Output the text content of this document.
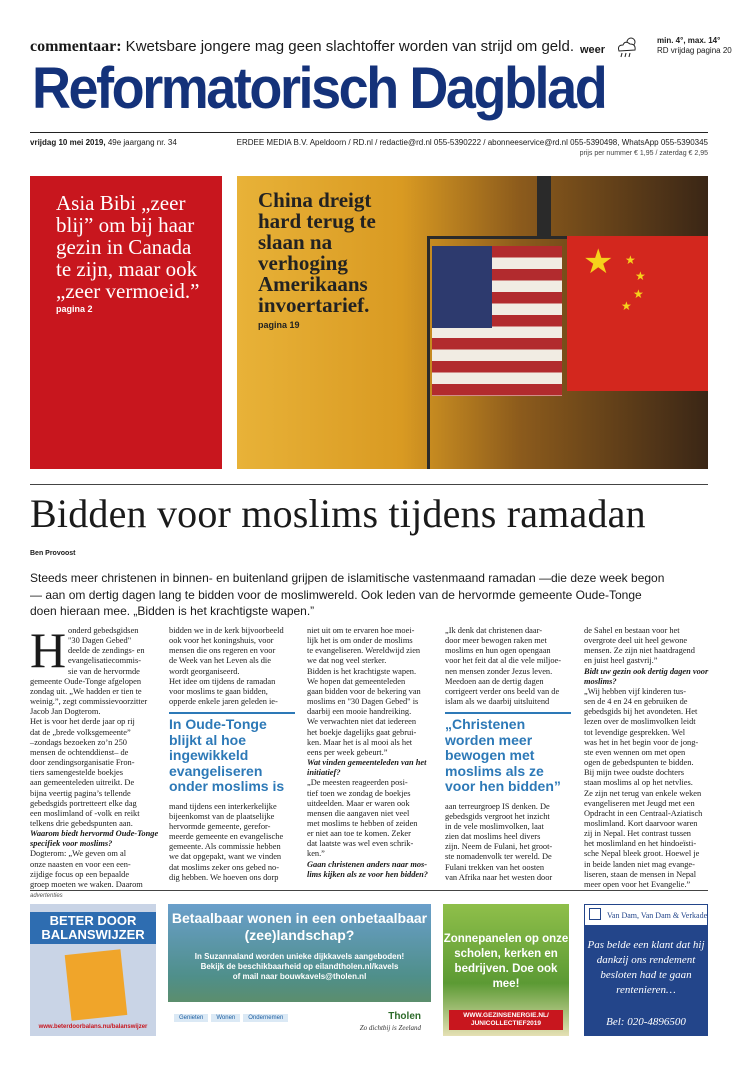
commentaar: Kwetsbare jongere mag geen slachtoffer worden van strijd om geld. weer
min. 4°, max. 14°
RD vrijdag pagina 20
Reformatorisch Dagblad
vrijdag 10 mei 2019, 49e jaargang nr. 34	ERDEE MEDIA B.V. Apeldoorn / RD.nl / redactie@rd.nl 055-5390222 / abonneeservice@rd.nl 055-5390498, WhatsApp 055-5390345
prijs per nummer € 1,95 / zaterdag € 2,95
Asia Bibi „zeer blij” om bij haar gezin in Canada te zijn, maar ook „zeer vermoeid.”
pagina 2
★ ★
★
★
★
China dreigt hard terug te slaan na verhoging Amerikaans invoertarief.
pagina 19
Bidden voor moslims tijdens ramadan
Ben Provoost

Steeds meer christenen in binnen- en buitenland grijpen de islamitische vastenmaand ramadan —die deze week begon— aan om dertig dagen lang te bidden voor de moslimwereld. Ook leden van de hervormde gemeente Oude-Tonge doen hieraan mee. „Bidden is het krachtigste wapen.”

H onderd gebedsgidsen

"30 Dagen Gebed"

deelde de zendings- en

evangelisatiecommis-

sie van de hervormde

gemeente Oude-Tonge afgelopen

zondag uit. „We hadden er tien te

weinig.”, zegt commissievoorzitter

Jacob Jan Dogterom.

Het is voor het derde jaar op rij

dat de „brede volksgemeente”

–zondags bezoeken zo’n 250

mensen de ochtenddienst– de

door zendingsorganisatie Fron-

tiers samengestelde boekjes

aan gemeenteleden uitreikt. De

bijna veertig pagina’s tellende

gebedsgids portretteert elke dag

een moslimland of -volk en reikt

telkens drie gebedspunten aan.

Waarom biedt hervormd Oude-Tonge

specifiek voor moslims?

Dogterom: „We geven om al

onze naasten en voor een een-

zijdige focus op een bepaalde

groep moeten we waken. Daarom

bidden we in de kerk bijvoorbeeld

ook voor het koningshuis, voor

mensen die ons regeren en voor

de Week van het Leven als die

wordt georganiseerd.

Het idee om tijdens de ramadan

voor moslims te gaan bidden,

opperde enkele jaren geleden ie-

mand tijdens een interkerkelijke

bijeenkomst van de plaatselijke

hervormde gemeente, gerefor-

meerde gemeente en evangelische

gemeente. Als commissie hebben

we dat opgepakt, want we vinden

dat moslims zeker ons gebed no-

dig hebben. We hoeven ons dorp

niet uit om te ervaren hoe moei-

lijk het is om onder de moslims

te evangeliseren. Wereldwijd zien

we dat nog veel sterker.

Bidden is het krachtigste wapen.

We hopen dat gemeenteleden

gaan bidden voor de bekering van

moslims en "30 Dagen Gebed" is

daarbij een mooie handreiking.

We verwachten niet dat iedereen

het boekje dagelijks gaat gebrui-

ken. Maar het is al mooi als het

eens per week gebeurt.”

Wat vinden gemeenteleden van het

initiatief?

„De meesten reageerden posi-

tief toen we zondag de boekjes

uitdeelden. Maar er waren ook

mensen die aangaven niet veel

met moslims te hebben of zeiden

er niet aan toe te komen. Zeker

dat laatste was wel even schrik-

ken.”

Gaan christenen anders naar mos-

lims kijken als ze voor hen bidden?

„Ik denk dat christenen daar-

door meer bewogen raken met

moslims en hun ogen opengaan

voor het feit dat al die vele miljoe-

nen mensen zonder Jezus leven.

Meedoen aan de dertig dagen

corrigeert verder ons beeld van de

islam als we daarbij uitsluitend

aan terreurgroep IS denken. De

gebedsgids vergroot het inzicht

in de vele moslimvolken, laat

zien dat moslims heel divers

zijn. Neem de Fulani, het groot-

ste nomadenvolk ter wereld. De

Fulani trekken van het oosten

van Afrika naar het westen door

de Sahel en bestaan voor het

overgrote deel uit heel gewone

mensen. Ze zijn niet haatdragend

en juist heel gastvrij.”

Bidt uw gezin ook dertig dagen voor

moslims?

„Wij hebben vijf kinderen tus-

sen de 4 en 24 en gebruiken de

gebedsgids bij het avondeten. Het

lezen over de moslimvolken leidt

tot levendige gesprekken. Wel

was het in het begin voor de jong-

ste even wennen om met open

ogen de gebedspunten te bidden.

Bij mijn twee oudste dochters

staan moslims al op het netvlies.

Ze zijn net terug van enkele weken

evangeliseren met Jeugd met een

Opdracht in een Centraal-Aziatisch

moslimland. Kort daarvoor waren

zij in Nepal. Het contrast tussen

het moslimland en het hindoeïsti-

sche Nepal bleek groot. Hoewel je

in beide landen niet mag evange-

liseren, staan de mensen in Nepal

meer open voor het Evangelie.”

In Oude-Tonge
blijkt al hoe
ingewikkeld
evangeliseren
onder moslims is
„Christenen
worden meer
bewogen met
moslims als ze
voor hen bidden”
advertenties
BETER DOOR BALANSWIJZER
www.beterdoorbalans.nu/balanswijzer
Betaalbaar wonen in een onbetaalbaar (zee)landschap?
In Suzannaland worden unieke dijkkavels aangeboden!
Bekijk de beschikbaarheid op eilandtholen.nl/kavels
of mail naar bouwkavels@tholen.nl
Genieten Wonen Ondernemen	Tholen
Zo dichtbij is Zeeland
Zonnepanelen op onze scholen, kerken en bedrijven. Doe ook mee!
WWW.GEZINSENERGIE.NL/ JUNICOLLECTIEF2019
Van Dam, Van Dam & Verkade
Pas belde een klant dat hij dankzij ons rendement besloten had te gaan rentenieren…
Bel: 020-4896500
